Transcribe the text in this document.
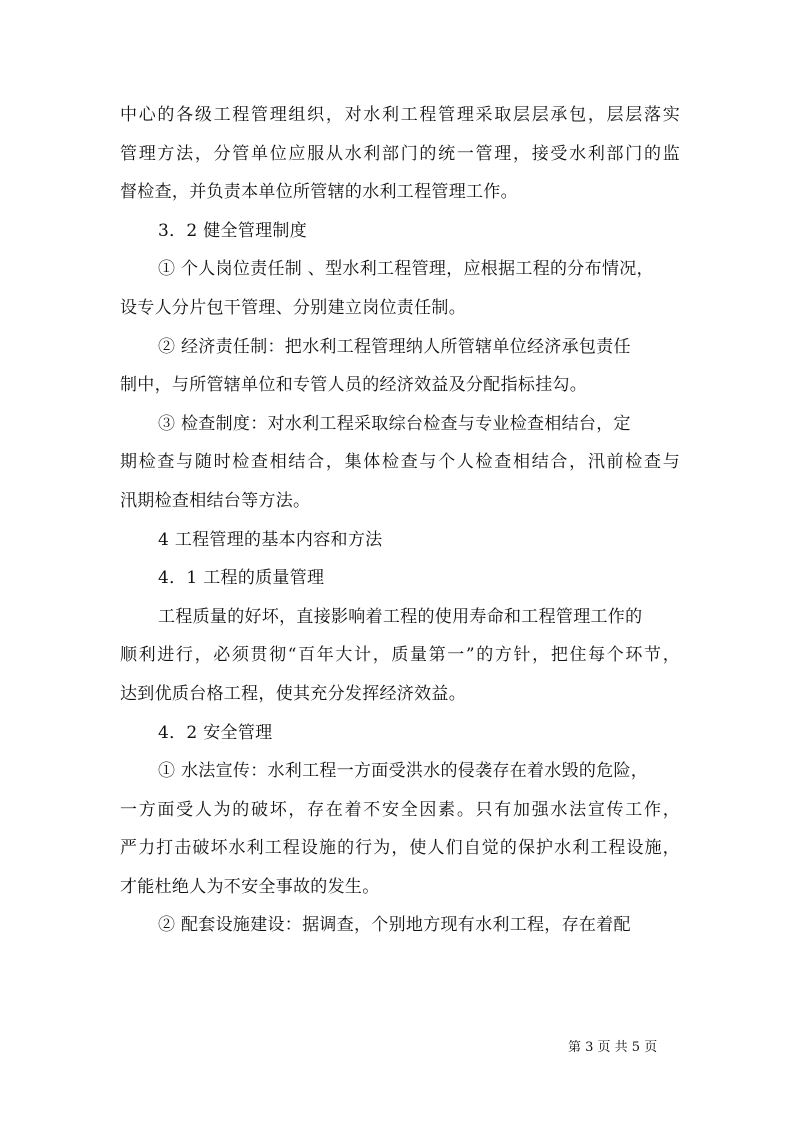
中心的各级工程管理组织，对水利工程管理采取层层承包，层层落实
管理方法，分管单位应服从水利部门的统一管理，接受水利部门的监
督检查，并负责本单位所管辖的水利工程管理工作。
3．2 健全管理制度
① 个人岗位责任制 、型水利工程管理，应根据工程的分布情况，
设专人分片包干管理、分别建立岗位责任制。
② 经济责任制：把水利工程管理纳人所管辖单位经济承包责任
制中，与所管辖单位和专管人员的经济效益及分配指标挂勾。
③ 检查制度：对水利工程采取综台检查与专业检查相结台，定
期检查与随时检查相结合，集体检查与个人检查相结合，汛前检查与
汛期检查相结台等方法。
4 工程管理的基本内容和方法
4．1 工程的质量管理
工程质量的好坏，直接影响着工程的使用寿命和工程管理工作的
顺利进行，必须贯彻“百年大计，质量第一”的方针，把住每个环节，
达到优质台格工程，使其充分发挥经济效益。
4．2 安全管理
① 水法宣传：水利工程一方面受洪水的侵袭存在着水毁的危险，
一方面受人为的破坏，存在着不安全因素。只有加强水法宣传工作，
严力打击破坏水利工程设施的行为，使人们自觉的保护水利工程设施，
才能杜绝人为不安全事故的发生。
② 配套设施建设：据调查，个别地方现有水利工程，存在着配
第 3 页 共 5 页
